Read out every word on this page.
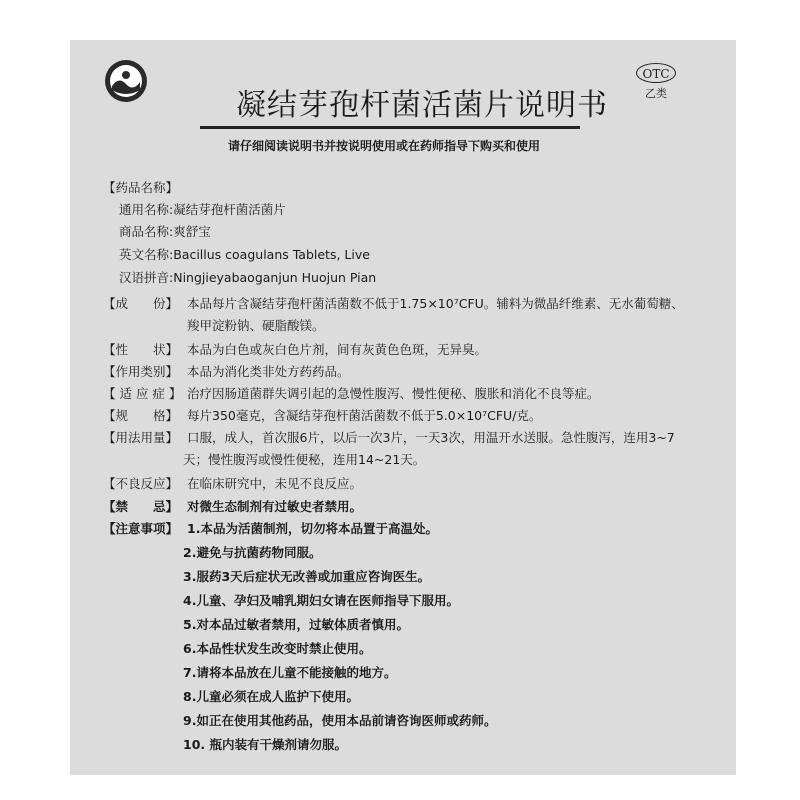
OTC
乙类
凝结芽孢杆菌活菌片说明书
请仔细阅读说明书并按说明使用或在药师指导下购买和使用
【药品名称】
通用名称:凝结芽孢杆菌活菌片
商品名称:爽舒宝
英文名称:Bacillus coagulans Tablets, Live
汉语拼音:Ningjieyabaoganjun Huojun Pian
【成　　份】 本品每片含凝结芽孢杆菌活菌数不低于1.75×10⁷CFU。辅料为微晶纤维素、无水葡萄糖、
羧甲淀粉钠、硬脂酸镁。
【性　　状】 本品为白色或灰白色片剂，间有灰黄色色斑，无异臭。
【作用类别】 本品为消化类非处方药药品。
【 适 应 症 】 治疗因肠道菌群失调引起的急慢性腹泻、慢性便秘、腹胀和消化不良等症。
【规　　格】 每片350毫克，含凝结芽孢杆菌活菌数不低于5.0×10⁷CFU/克。
【用法用量】 口服，成人，首次服6片，以后一次3片，一天3次，用温开水送服。急性腹泻，连用3~7
天；慢性腹泻或慢性便秘，连用14~21天。
【不良反应】 在临床研究中，未见不良反应。
【禁　　忌】 对微生态制剂有过敏史者禁用。
【注意事项】 1.本品为活菌制剂，切勿将本品置于高温处。
2.避免与抗菌药物同服。
3.服药3天后症状无改善或加重应咨询医生。
4.儿童、孕妇及哺乳期妇女请在医师指导下服用。
5.对本品过敏者禁用，过敏体质者慎用。
6.本品性状发生改变时禁止使用。
7.请将本品放在儿童不能接触的地方。
8.儿童必须在成人监护下使用。
9.如正在使用其他药品，使用本品前请咨询医师或药师。
10. 瓶内装有干燥剂请勿服。
